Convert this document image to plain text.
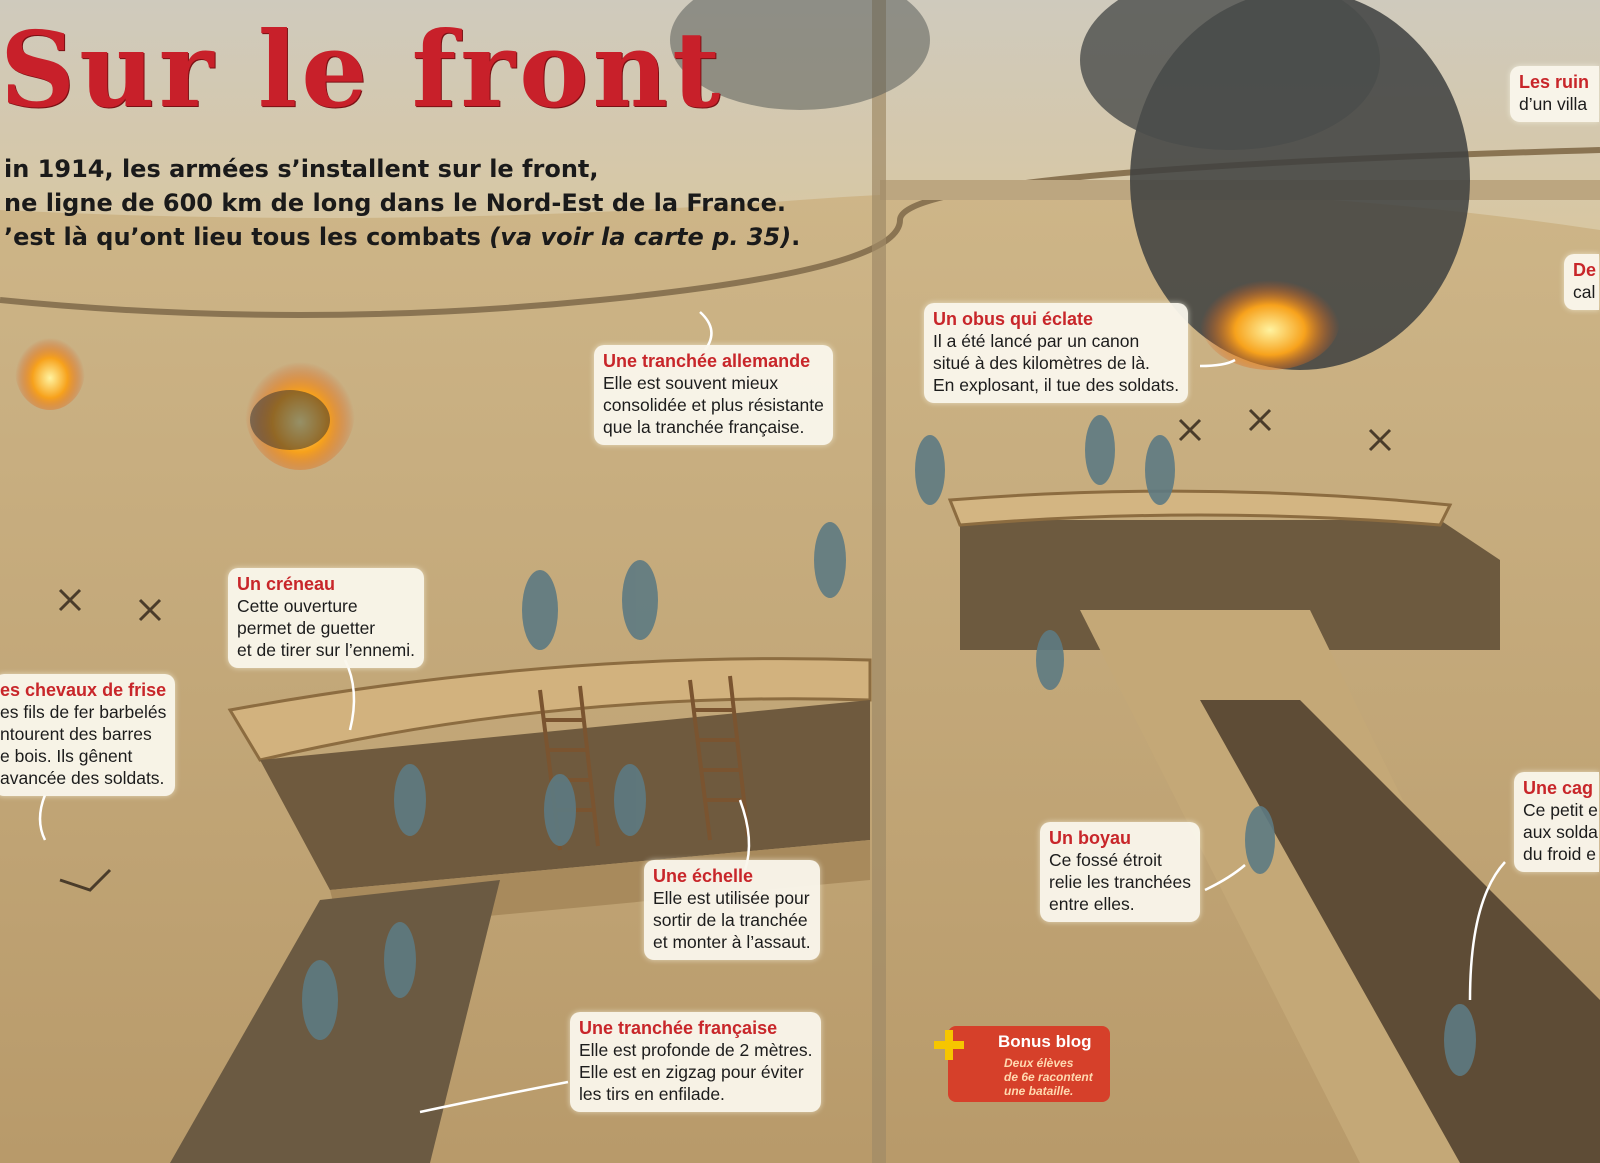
Sur le front

in 1914, les armées s’installent sur le front,
ne ligne de 600 km de long dans le Nord-Est de la France.
’est là qu’ont lieu tous les combats (va voir la carte p. 35).

Une tranchée allemande

Elle est souvent mieux

consolidée et plus résistante

que la tranchée française.

Un créneau

Cette ouverture

permet de guetter

et de tirer sur l’ennemi.

es chevaux de frise

es fils de fer barbelés

ntourent des barres

e bois. Ils gênent

avancée des soldats.

Une échelle

Elle est utilisée pour

sortir de la tranchée

et monter à l’assaut.

Une tranchée française

Elle est profonde de 2 mètres.

Elle est en zigzag pour éviter

les tirs en enfilade.

Un obus qui éclate

Il a été lancé par un canon

situé à des kilomètres de là.

En explosant, il tue des soldats.

Un boyau

Ce fossé étroit

relie les tranchées

entre elles.

Les ruin

d’un villa

De

cal

Une cag

Ce petit e

aux solda

du froid e

Bonus blog
Deux élèves
de 6e racontent
une bataille.
